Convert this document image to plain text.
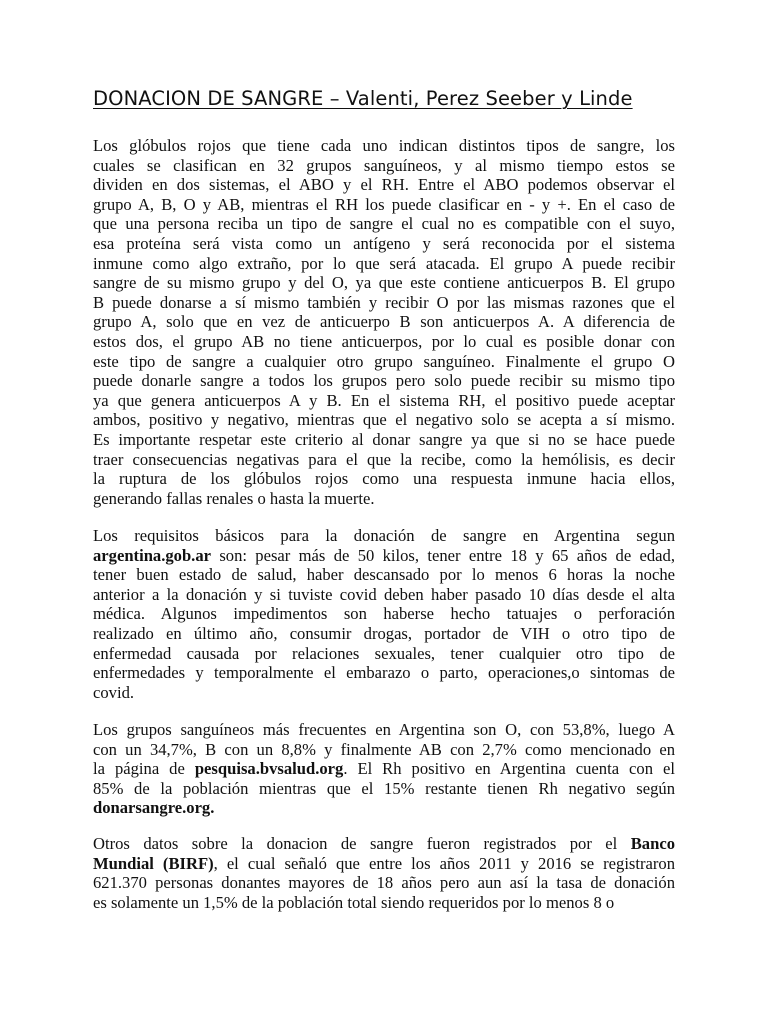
DONACION DE SANGRE – Valenti, Perez Seeber y Linde
Los glóbulos rojos que tiene cada uno indican distintos tipos de sangre, los
cuales se clasifican en 32 grupos sanguíneos, y al mismo tiempo estos se
dividen en dos sistemas, el ABO y el RH. Entre el ABO podemos observar el
grupo A, B, O y AB, mientras el RH los puede clasificar en - y +. En el caso de
que una persona reciba un tipo de sangre el cual no es compatible con el suyo,
esa proteína será vista como un antígeno y será reconocida por el sistema
inmune como algo extraño, por lo que será atacada. El grupo A puede recibir
sangre de su mismo grupo y del O, ya que este contiene anticuerpos B. El grupo
B puede donarse a sí mismo también y recibir O por las mismas razones que el
grupo A, solo que en vez de anticuerpo B son anticuerpos A. A diferencia de
estos dos, el grupo AB no tiene anticuerpos, por lo cual es posible donar con
este tipo de sangre a cualquier otro grupo sanguíneo. Finalmente el grupo O
puede donarle sangre a todos los grupos pero solo puede recibir su mismo tipo
ya que genera anticuerpos A y B. En el sistema RH, el positivo puede aceptar
ambos, positivo y negativo, mientras que el negativo solo se acepta a sí mismo.
Es importante respetar este criterio al donar sangre ya que si no se hace puede
traer consecuencias negativas para el que la recibe, como la hemólisis, es decir
la ruptura de los glóbulos rojos como una respuesta inmune hacia ellos,
generando fallas renales o hasta la muerte.
Los requisitos básicos para la donación de sangre en Argentina segun
argentina.gob.ar son: pesar más de 50 kilos, tener entre 18 y 65 años de edad,
tener buen estado de salud, haber descansado por lo menos 6 horas la noche
anterior a la donación y si tuviste covid deben haber pasado 10 días desde el alta
médica. Algunos impedimentos son haberse hecho tatuajes o perforación
realizado en último año, consumir drogas, portador de VIH o otro tipo de
enfermedad causada por relaciones sexuales, tener cualquier otro tipo de
enfermedades y temporalmente el embarazo o parto, operaciones,o sintomas de
covid.
Los grupos sanguíneos más frecuentes en Argentina son O, con 53,8%, luego A
con un 34,7%, B con un 8,8% y finalmente AB con 2,7% como mencionado en
la página de pesquisa.bvsalud.org. El Rh positivo en Argentina cuenta con el
85% de la población mientras que el 15% restante tienen Rh negativo según
donarsangre.org.
Otros datos sobre la donacion de sangre fueron registrados por el Banco
Mundial (BIRF), el cual señaló que entre los años 2011 y 2016 se registraron
621.370 personas donantes mayores de 18 años pero aun así la tasa de donación
es solamente un 1,5% de la población total siendo requeridos por lo menos 8 o
